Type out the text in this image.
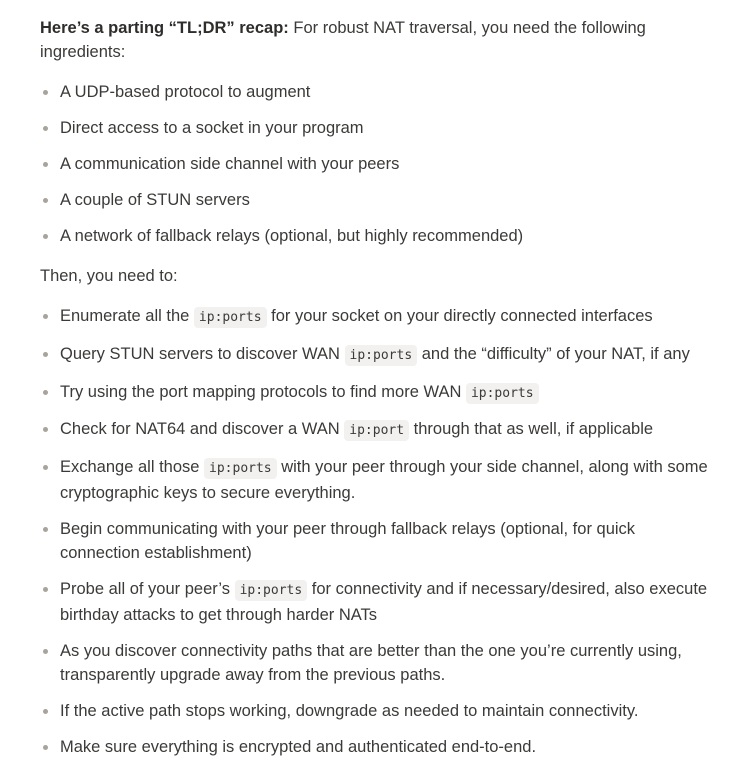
Here’s a parting “TL;DR” recap: For robust NAT traversal, you need the following ingredients:

A UDP-based protocol to augment

Direct access to a socket in your program

A communication side channel with your peers

A couple of STUN servers

A network of fallback relays (optional, but highly recommended)

Then, you need to:

Enumerate all the ip:ports for your socket on your directly connected interfaces

Query STUN servers to discover WAN ip:ports and the “difficulty” of your NAT, if any

Try using the port mapping protocols to find more WAN ip:ports

Check for NAT64 and discover a WAN ip:port through that as well, if applicable

Exchange all those ip:ports with your peer through your side channel, along with some cryptographic keys to secure everything.

Begin communicating with your peer through fallback relays (optional, for quick connection establishment)

Probe all of your peer’s ip:ports for connectivity and if necessary/desired, also execute birthday attacks to get through harder NATs

As you discover connectivity paths that are better than the one you’re currently using, transparently upgrade away from the previous paths.

If the active path stops working, downgrade as needed to maintain connectivity.

Make sure everything is encrypted and authenticated end-to-end.
